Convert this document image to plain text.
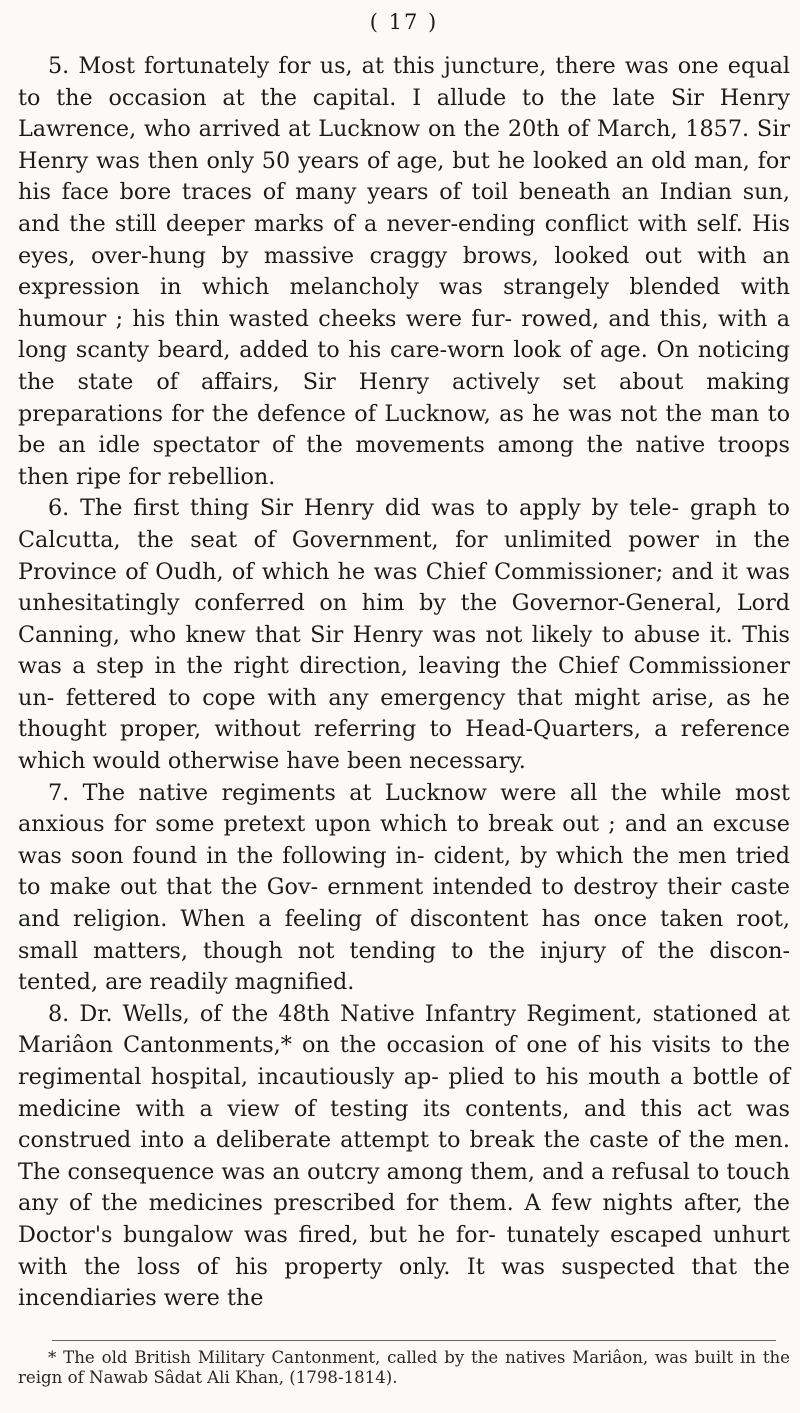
( 17 )

5. Most fortunately for us, at this juncture, there was one equal to the occasion at the capital. I allude to the late Sir Henry Lawrence, who arrived at Lucknow on the 20th of March, 1857. Sir Henry was then only 50 years of age, but he looked an old man, for his face bore traces of many years of toil beneath an Indian sun, and the still deeper marks of a never-ending conflict with self. His eyes, over-hung by massive craggy brows, looked out with an expression in which melancholy was strangely blended with humour ; his thin wasted cheeks were fur- rowed, and this, with a long scanty beard, added to his care-worn look of age. On noticing the state of affairs, Sir Henry actively set about making preparations for the defence of Lucknow, as he was not the man to be an idle spectator of the movements among the native troops then ripe for rebellion.

6. The first thing Sir Henry did was to apply by tele- graph to Calcutta, the seat of Government, for unlimited power in the Province of Oudh, of which he was Chief Commissioner; and it was unhesitatingly conferred on him by the Governor-General, Lord Canning, who knew that Sir Henry was not likely to abuse it. This was a step in the right direction, leaving the Chief Commissioner un- fettered to cope with any emergency that might arise, as he thought proper, without referring to Head-Quarters, a reference which would otherwise have been necessary.

7. The native regiments at Lucknow were all the while most anxious for some pretext upon which to break out ; and an excuse was soon found in the following in- cident, by which the men tried to make out that the Gov- ernment intended to destroy their caste and religion. When a feeling of discontent has once taken root, small matters, though not tending to the injury of the discon- tented, are readily magnified.

8. Dr. Wells, of the 48th Native Infantry Regiment, stationed at Mariâon Cantonments,* on the occasion of one of his visits to the regimental hospital, incautiously ap- plied to his mouth a bottle of medicine with a view of testing its contents, and this act was construed into a deliberate attempt to break the caste of the men. The consequence was an outcry among them, and a refusal to touch any of the medicines prescribed for them. A few nights after, the Doctor's bungalow was fired, but he for- tunately escaped unhurt with the loss of his property only. It was suspected that the incendiaries were the

* The old British Military Cantonment, called by the natives Mariâon, was built in the reign of Nawab Sâdat Ali Khan, (1798-1814).
